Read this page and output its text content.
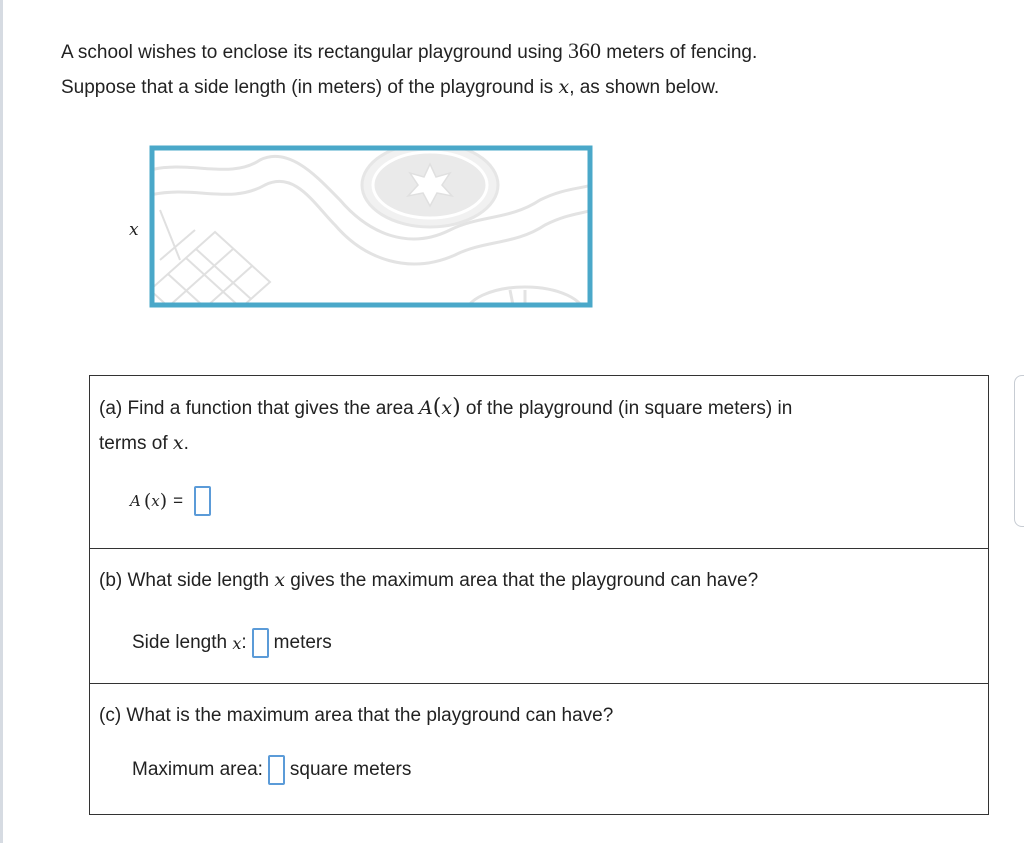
A school wishes to enclose its rectangular playground using 360 meters of fencing.
Suppose that a side length (in meters) of the playground is x, as shown below.
x
(a) Find a function that gives the area A(x) of the playground (in square meters) in
terms of x.
A ( x ) =
(b) What side length x gives the maximum area that the playground can have?
Side length
x : meters
(c) What is the maximum area that the playground can have?
Maximum area: square meters
